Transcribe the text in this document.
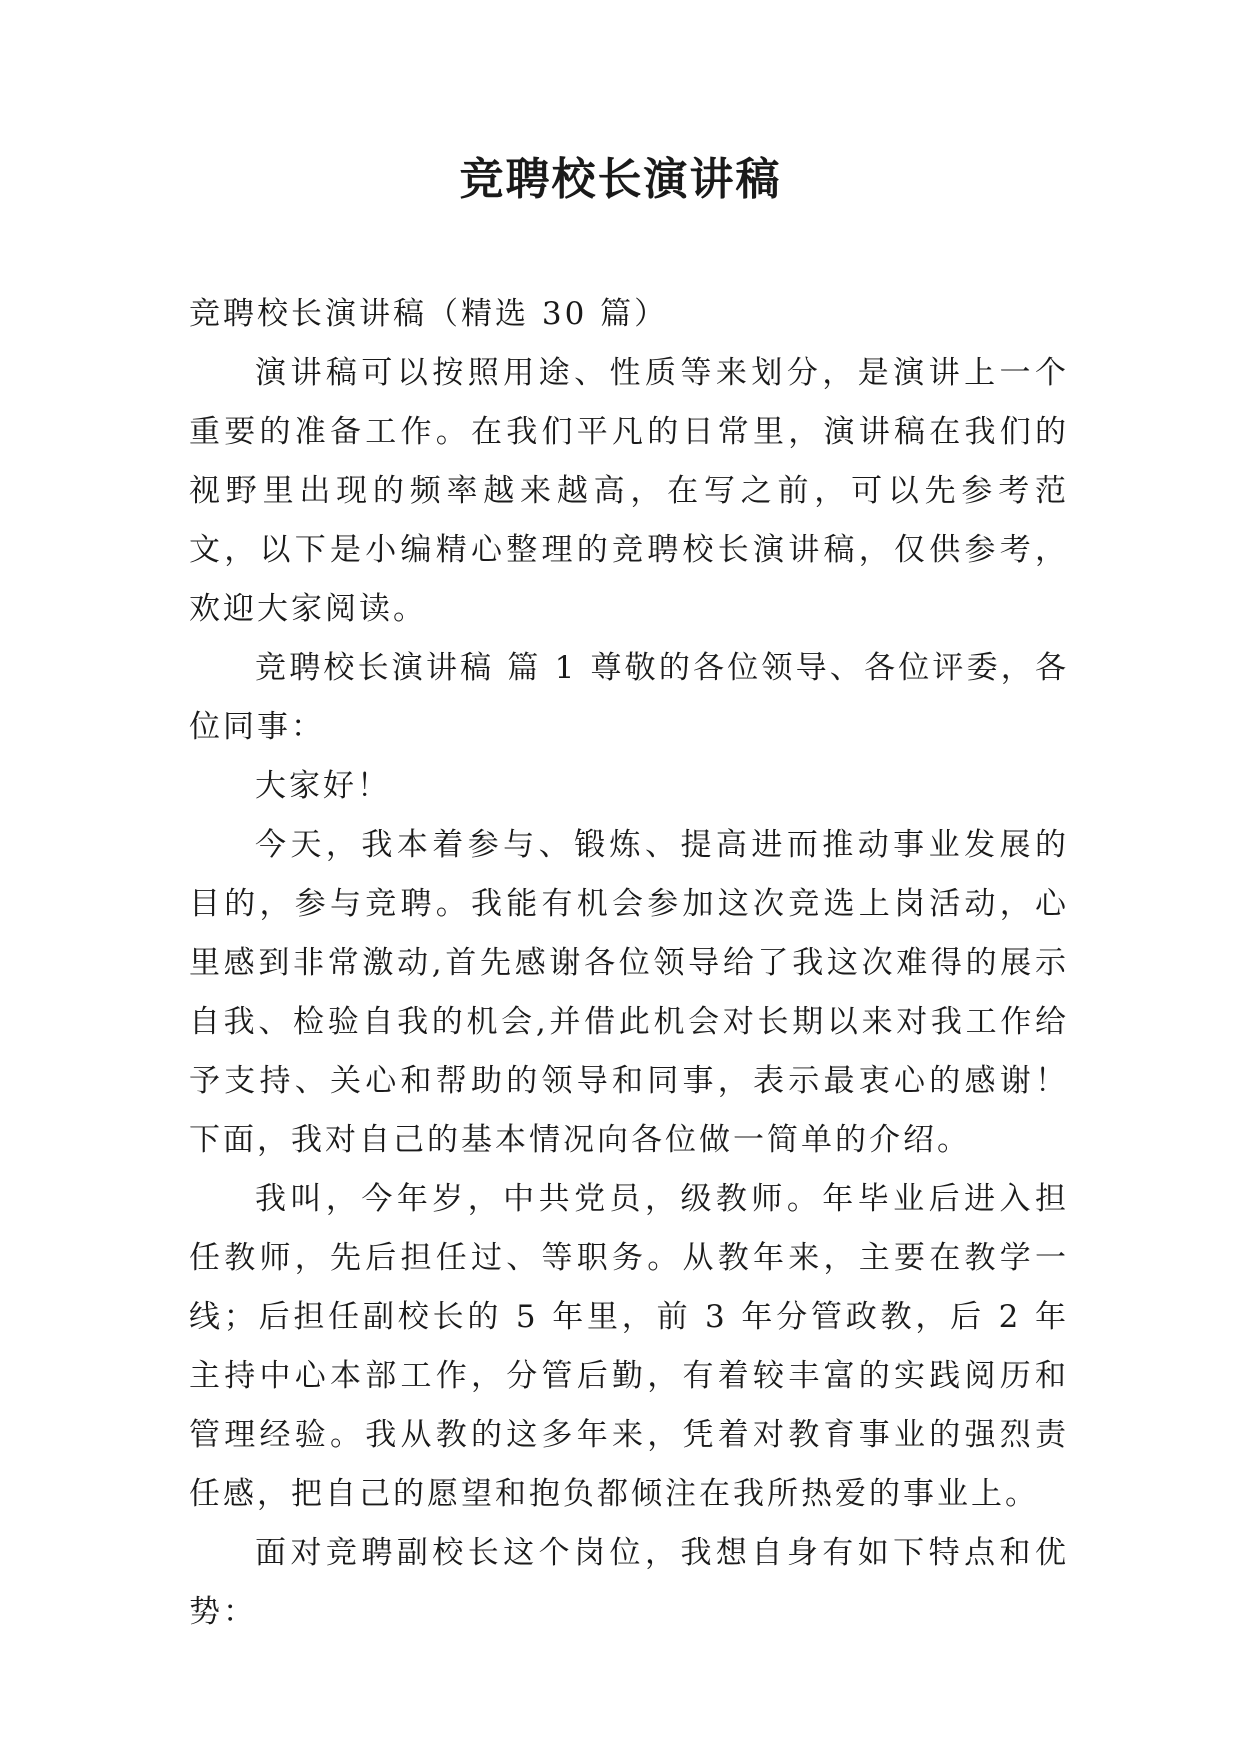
竞聘校长演讲稿

竞聘校长演讲稿（精选 30 篇）

演讲稿可以按照用途、性质等来划分，是演讲上一个重要的准备工作。在我们平凡的日常里，演讲稿在我们的视野里出现的频率越来越高，在写之前，可以先参考范文，以下是小编精心整理的竞聘校长演讲稿，仅供参考，欢迎大家阅读。

竞聘校长演讲稿 篇 1 尊敬的各位领导、各位评委，各位同事：

大家好！

今天，我本着参与、锻炼、提高进而推动事业发展的目的，参与竞聘。我能有机会参加这次竞选上岗活动，心里感到非常激动,首先感谢各位领导给了我这次难得的展示自我、检验自我的机会,并借此机会对长期以来对我工作给予支持、关心和帮助的领导和同事，表示最衷心的感谢！下面，我对自己的基本情况向各位做一简单的介绍。

我叫，今年岁，中共党员，级教师。年毕业后进入担任教师，先后担任过、等职务。从教年来，主要在教学一线；后担任副校长的 5 年里，前 3 年分管政教，后 2 年主持中心本部工作，分管后勤，有着较丰富的实践阅历和管理经验。我从教的这多年来，凭着对教育事业的强烈责任感，把自己的愿望和抱负都倾注在我所热爱的事业上。

面对竞聘副校长这个岗位，我想自身有如下特点和优势：
